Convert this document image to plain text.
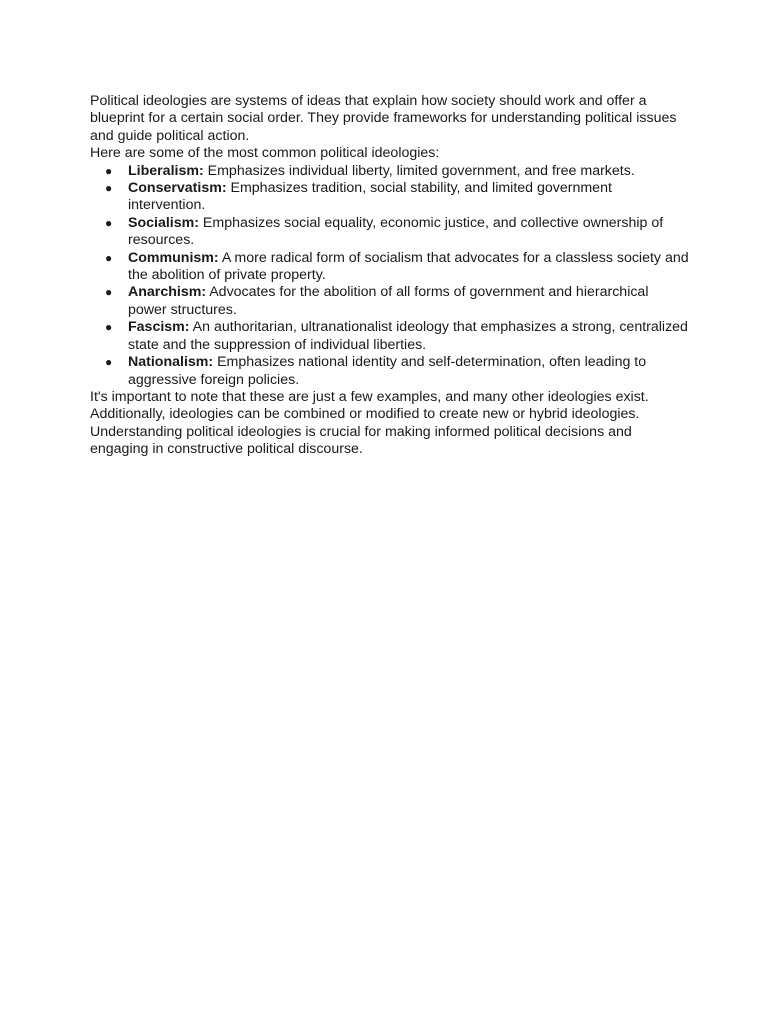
Political ideologies are systems of ideas that explain how society should work and offer a blueprint for a certain social order. They provide frameworks for understanding political issues and guide political action.

Here are some of the most common political ideologies:

● Liberalism: Emphasizes individual liberty, limited government, and free markets.
● Conservatism: Emphasizes tradition, social stability, and limited government intervention.
● Socialism: Emphasizes social equality, economic justice, and collective ownership of resources.
● Communism: A more radical form of socialism that advocates for a classless society and the abolition of private property.
● Anarchism: Advocates for the abolition of all forms of government and hierarchical power structures.
● Fascism: An authoritarian, ultranationalist ideology that emphasizes a strong, centralized state and the suppression of individual liberties.
● Nationalism: Emphasizes national identity and self-determination, often leading to aggressive foreign policies.

It's important to note that these are just a few examples, and many other ideologies exist. Additionally, ideologies can be combined or modified to create new or hybrid ideologies. Understanding political ideologies is crucial for making informed political decisions and engaging in constructive political discourse.
